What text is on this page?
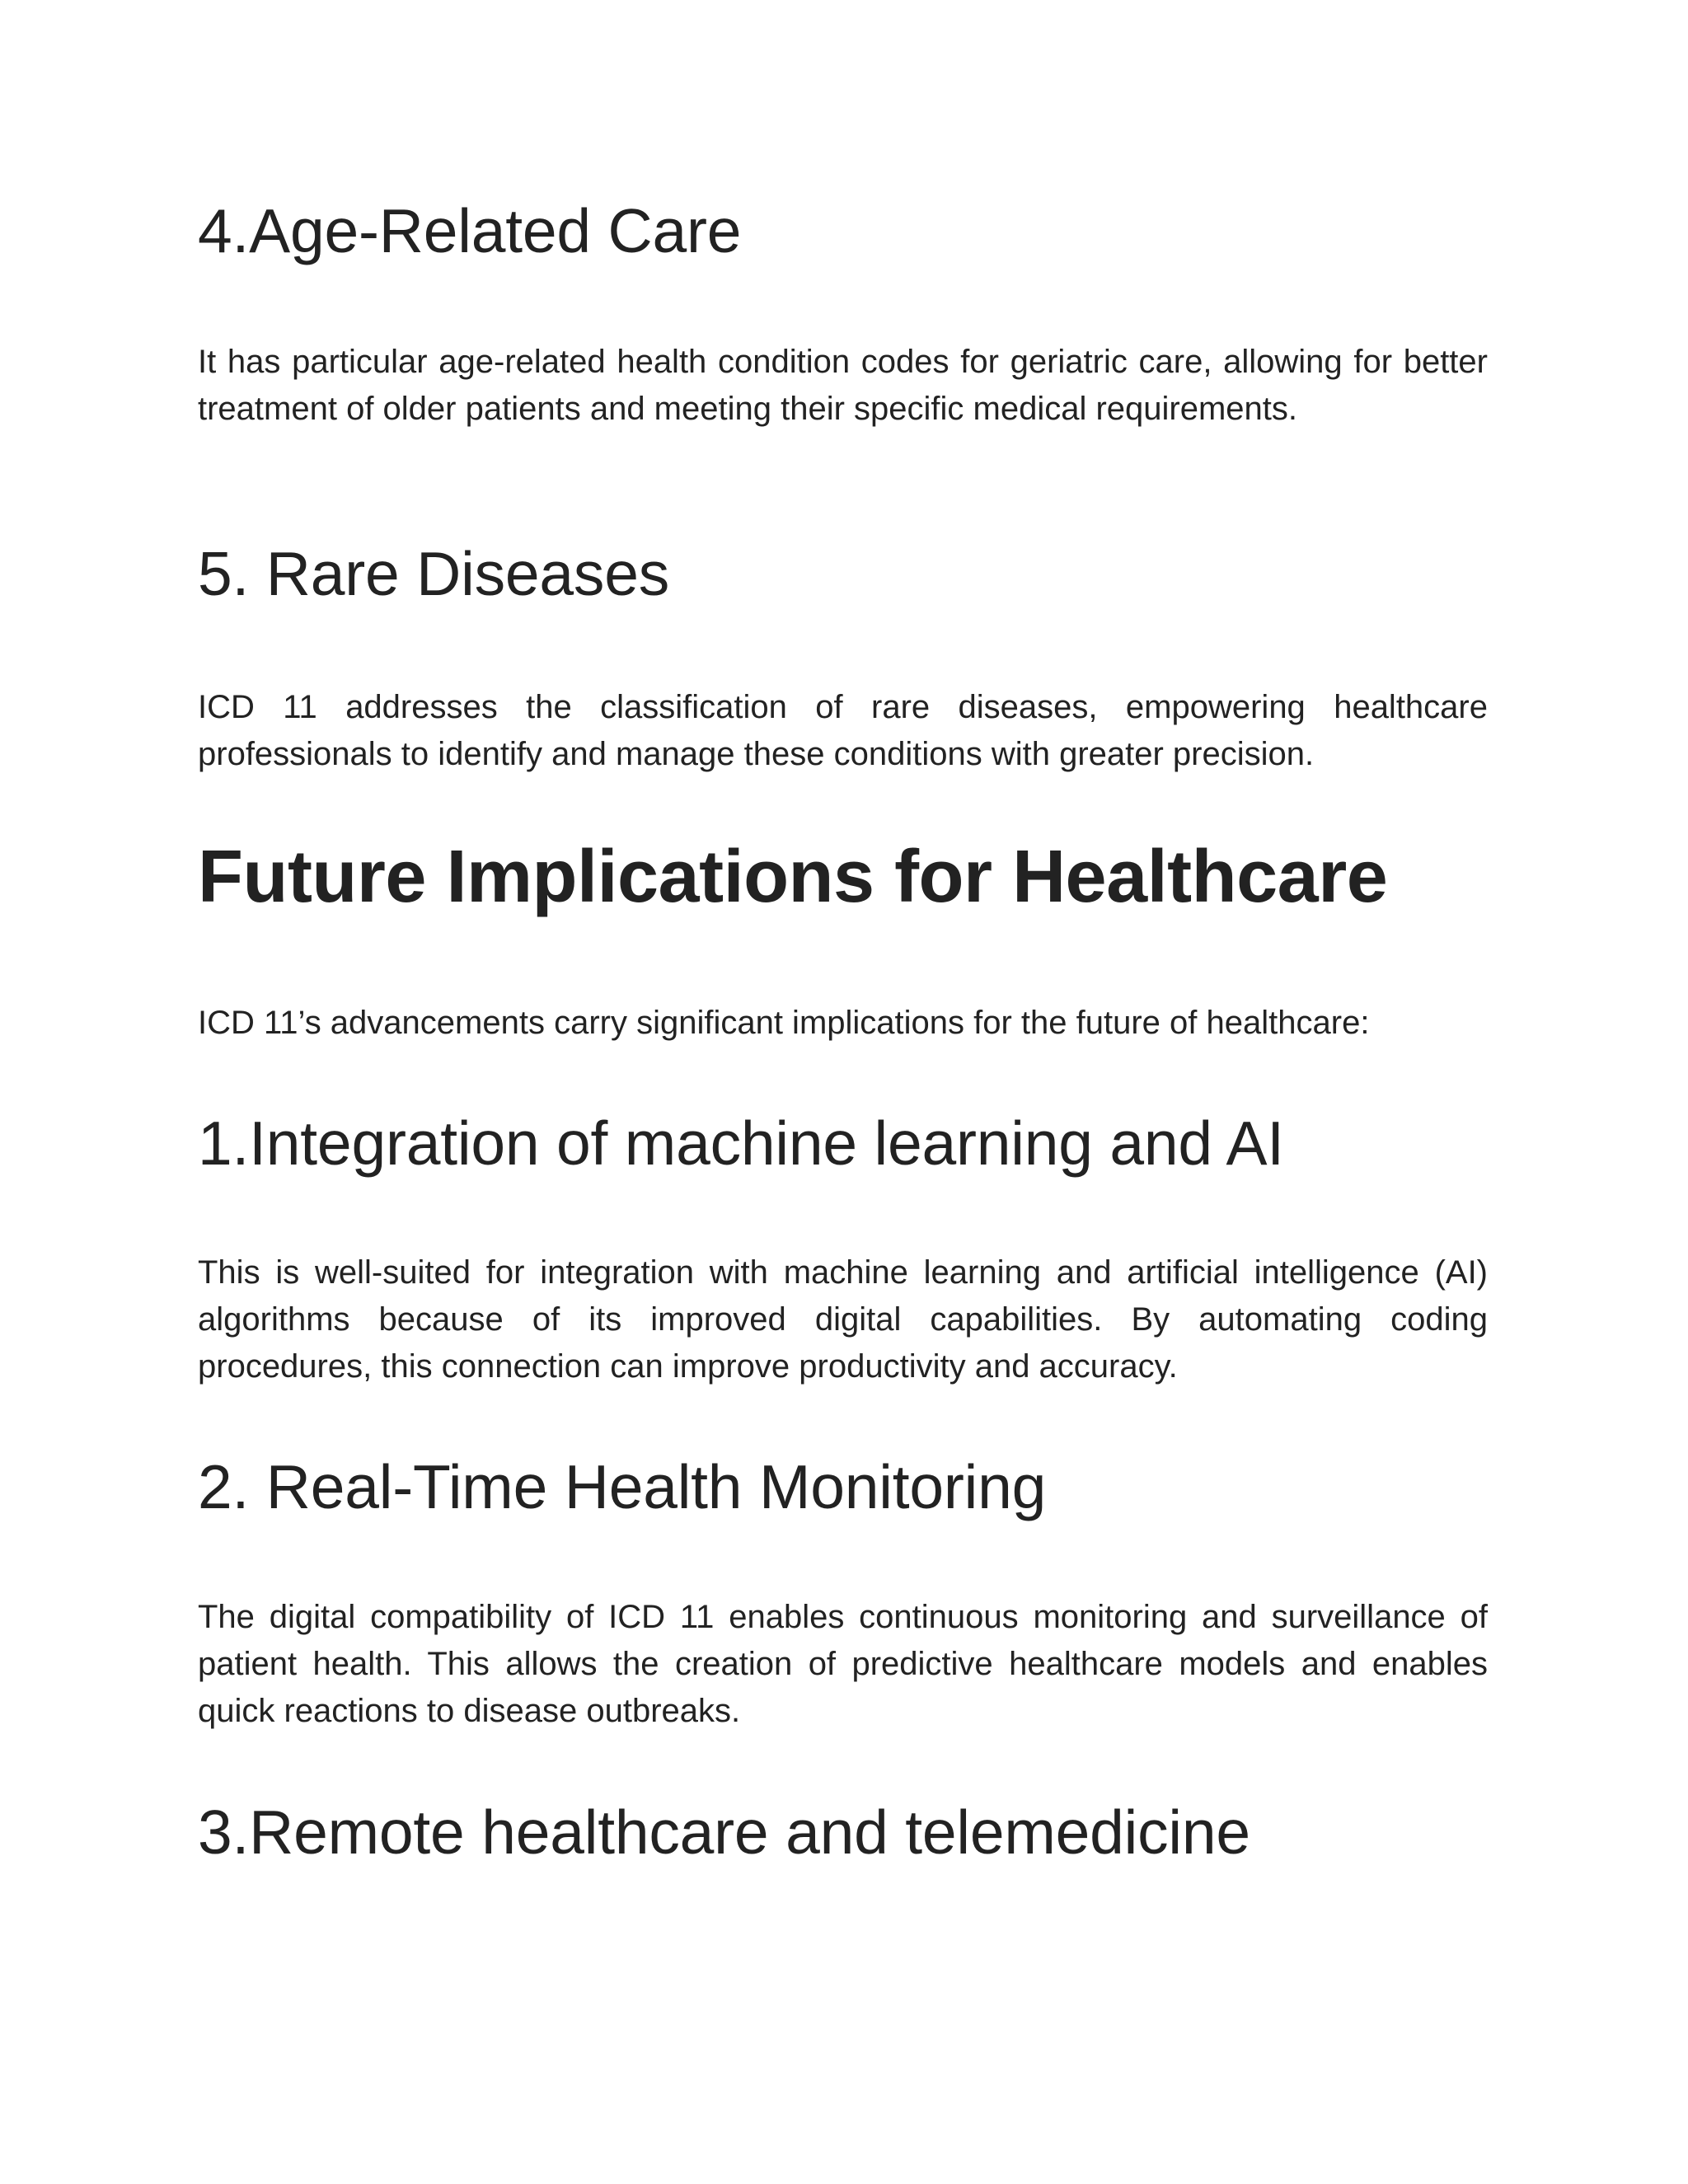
4.Age-Related Care

It has particular age-related health condition codes for geriatric care, allowing for better treatment of older patients and meeting their specific medical requirements.

5. Rare Diseases

ICD 11 addresses the classification of rare diseases, empowering healthcare professionals to identify and manage these conditions with greater precision.

Future Implications for Healthcare

ICD 11’s advancements carry significant implications for the future of healthcare:

1.Integration of machine learning and AI

This is well-suited for integration with machine learning and artificial intelligence (AI) algorithms because of its improved digital capabilities. By automating coding procedures, this connection can improve productivity and accuracy.

2. Real-Time Health Monitoring

The digital compatibility of ICD 11 enables continuous monitoring and surveillance of patient health. This allows the creation of predictive healthcare models and enables quick reactions to disease outbreaks.

3.Remote healthcare and telemedicine
